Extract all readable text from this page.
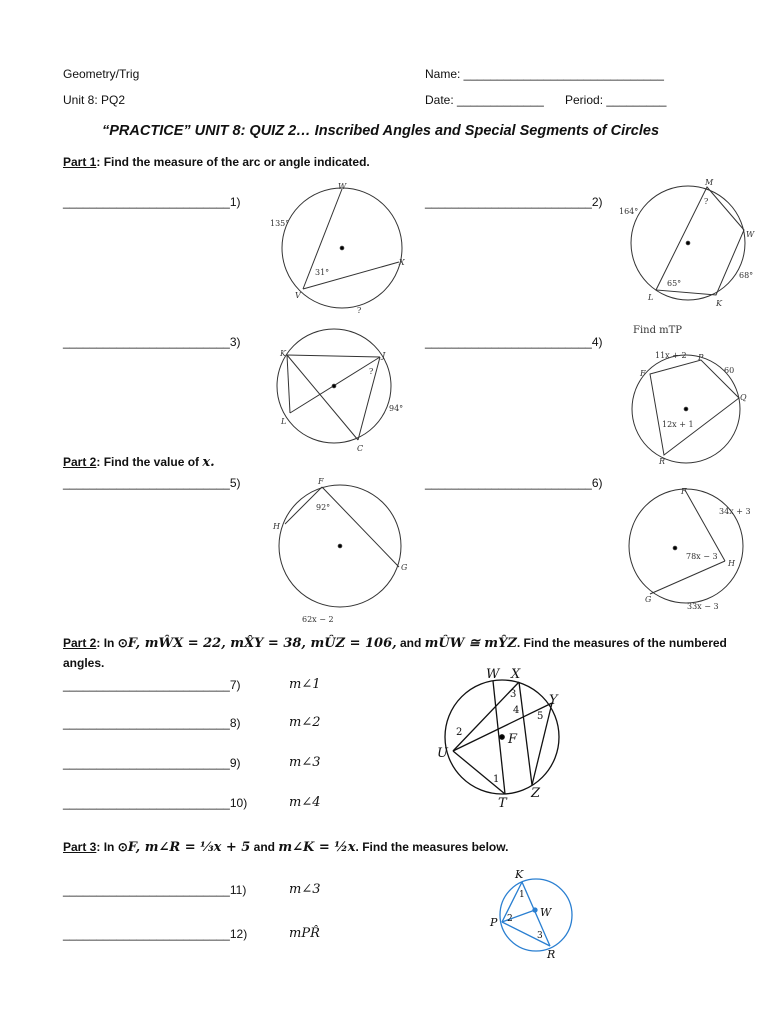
Geometry/Trig
Unit 8: PQ2
Name: ______________________________
Date: _____________ Period: _________
“PRACTICE” UNIT 8: QUIZ 2… Inscribed Angles and Special Segments of Circles
Part 1: Find the measure of the arc or angle indicated.
_________________________1)	_________________________2)
_________________________3)	_________________________4)
Part 2: Find the value of x.
_________________________5)	_________________________6)
Part 2: In ⊙F, mŴX = 22, mX̂Y = 38, mÛZ = 106, and mÛW ≅ mŶZ. Find the measures of the numbered
angles.
_________________________7)	m∠1
_________________________8)	m∠2
_________________________9)	m∠3
_________________________10)	m∠4
Part 3: In ⊙F, m∠R = ⅓x + 5 and m∠K = ½x. Find the measures below.
_________________________11)	m∠3
_________________________12)	mPR̂
W
X
V
135°
31°
?
M
W
K
L
164°
68°
65°
?
K	J
L
C
94°
?
Find mTP
F
P
Q
R
11x + 2
60
12x + 1
F
H
G
92°
62x − 2
F
H
G
34x + 3
78x − 3
33x − 3
W X
Y
U
F
T
Z
1
2
3
4
5
K
P
R
W
1
2
3
